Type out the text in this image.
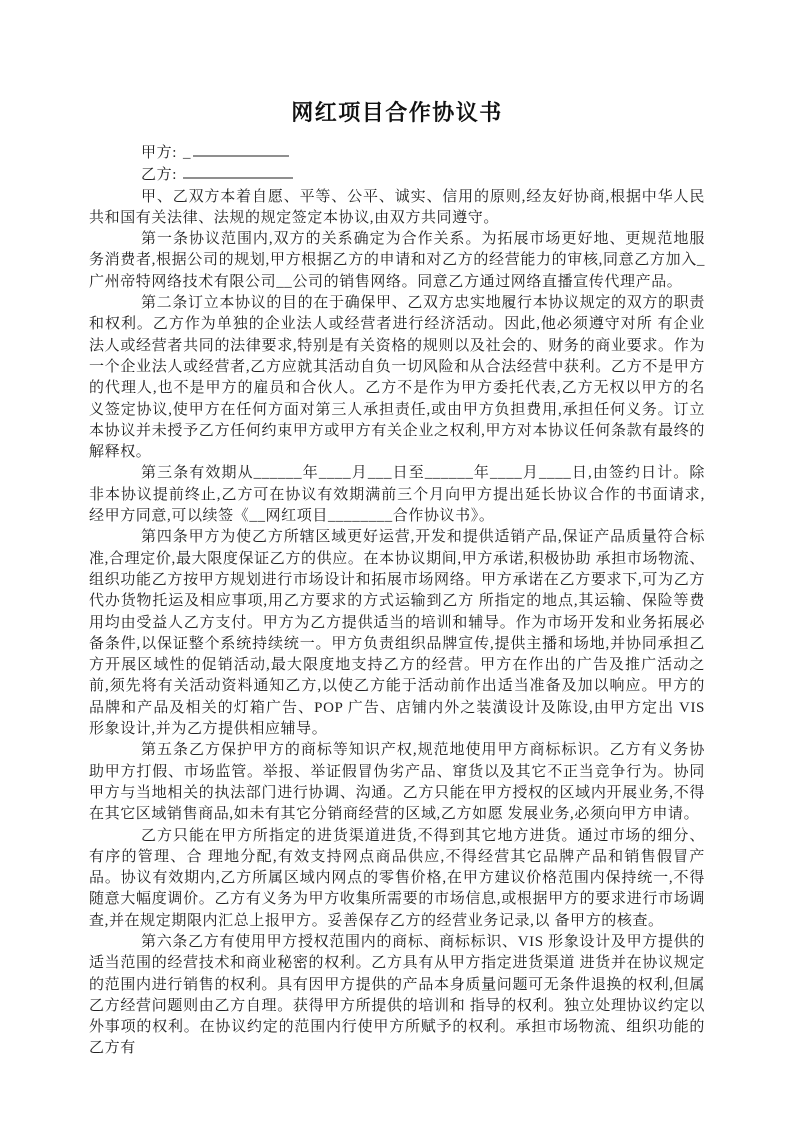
网红项目合作协议书
甲方: _
乙方:

甲、乙双方本着自愿、平等、公平、诚实、信用的原则,经友好协商,根据中华人民共和国有关法律、法规的规定签定本协议,由双方共同遵守。

第一条协议范围内,双方的关系确定为合作关系。为拓展市场更好地、更规范地服务消费者,根据公司的规划,甲方根据乙方的申请和对乙方的经营能力的审核,同意乙方加入_广州帝特网络技术有限公司__公司的销售网络。同意乙方通过网络直播宣传代理产品。

第二条订立本协议的目的在于确保甲、乙双方忠实地履行本协议规定的双方的职责和权利。乙方作为单独的企业法人或经营者进行经济活动。因此,他必须遵守对所 有企业法人或经营者共同的法律要求,特别是有关资格的规则以及社会的、财务的商业要求。作为一个企业法人或经营者,乙方应就其活动自负一切风险和从合法经营中获利。乙方不是甲方的代理人,也不是甲方的雇员和合伙人。乙方不是作为甲方委托代表,乙方无权以甲方的名义签定协议,使甲方在任何方面对第三人承担责任,或由甲方负担费用,承担任何义务。订立本协议并未授予乙方任何约束甲方或甲方有关企业之权利,甲方对本协议任何条款有最终的解释权。

第三条有效期从______年____月___日至______年____月____日,由签约日计。除非本协议提前终止,乙方可在协议有效期满前三个月向甲方提出延长协议合作的书面请求,经甲方同意,可以续签《__网红项目________合作协议书》。

第四条甲方为使乙方所辖区域更好运营,开发和提供适销产品,保证产品质量符合标准,合理定价,最大限度保证乙方的供应。在本协议期间,甲方承诺,积极协助 承担市场物流、组织功能乙方按甲方规划进行市场设计和拓展市场网络。甲方承诺在乙方要求下,可为乙方代办货物托运及相应事项,用乙方要求的方式运输到乙方 所指定的地点,其运输、保险等费用均由受益人乙方支付。甲方为乙方提供适当的培训和辅导。作为市场开发和业务拓展必备条件,以保证整个系统持续统一。甲方负责组织品牌宣传,提供主播和场地,并协同承担乙方开展区域性的促销活动,最大限度地支持乙方的经营。甲方在作出的广告及推广活动之前,须先将有关活动资料通知乙方,以使乙方能于活动前作出适当准备及加以响应。甲方的品牌和产品及相关的灯箱广告、POP 广告、店铺内外之装潢设计及陈设,由甲方定出 VIS 形象设计,并为乙方提供相应辅导。

第五条乙方保护甲方的商标等知识产权,规范地使用甲方商标标识。乙方有义务协助甲方打假、市场监管。举报、举证假冒伪劣产品、窜货以及其它不正当竞争行为。协同甲方与当地相关的执法部门进行协调、沟通。乙方只能在甲方授权的区域内开展业务,不得在其它区域销售商品,如未有其它分销商经营的区域,乙方如愿 发展业务,必须向甲方申请。

乙方只能在甲方所指定的进货渠道进货,不得到其它地方进货。通过市场的细分、有序的管理、合 理地分配,有效支持网点商品供应,不得经营其它品牌产品和销售假冒产品。协议有效期内,乙方所属区域内网点的零售价格,在甲方建议价格范围内保持统一,不得随意大幅度调价。乙方有义务为甲方收集所需要的市场信息,或根据甲方的要求进行市场调查,并在规定期限内汇总上报甲方。妥善保存乙方的经营业务记录,以 备甲方的核查。

第六条乙方有使用甲方授权范围内的商标、商标标识、VIS 形象设计及甲方提供的适当范围的经营技术和商业秘密的权利。乙方具有从甲方指定进货渠道 进货并在协议规定的范围内进行销售的权利。具有因甲方提供的产品本身质量问题可无条件退换的权利,但属乙方经营问题则由乙方自理。获得甲方所提供的培训和 指导的权利。独立处理协议约定以外事项的权利。在协议约定的范围内行使甲方所赋予的权利。承担市场物流、组织功能的乙方有
